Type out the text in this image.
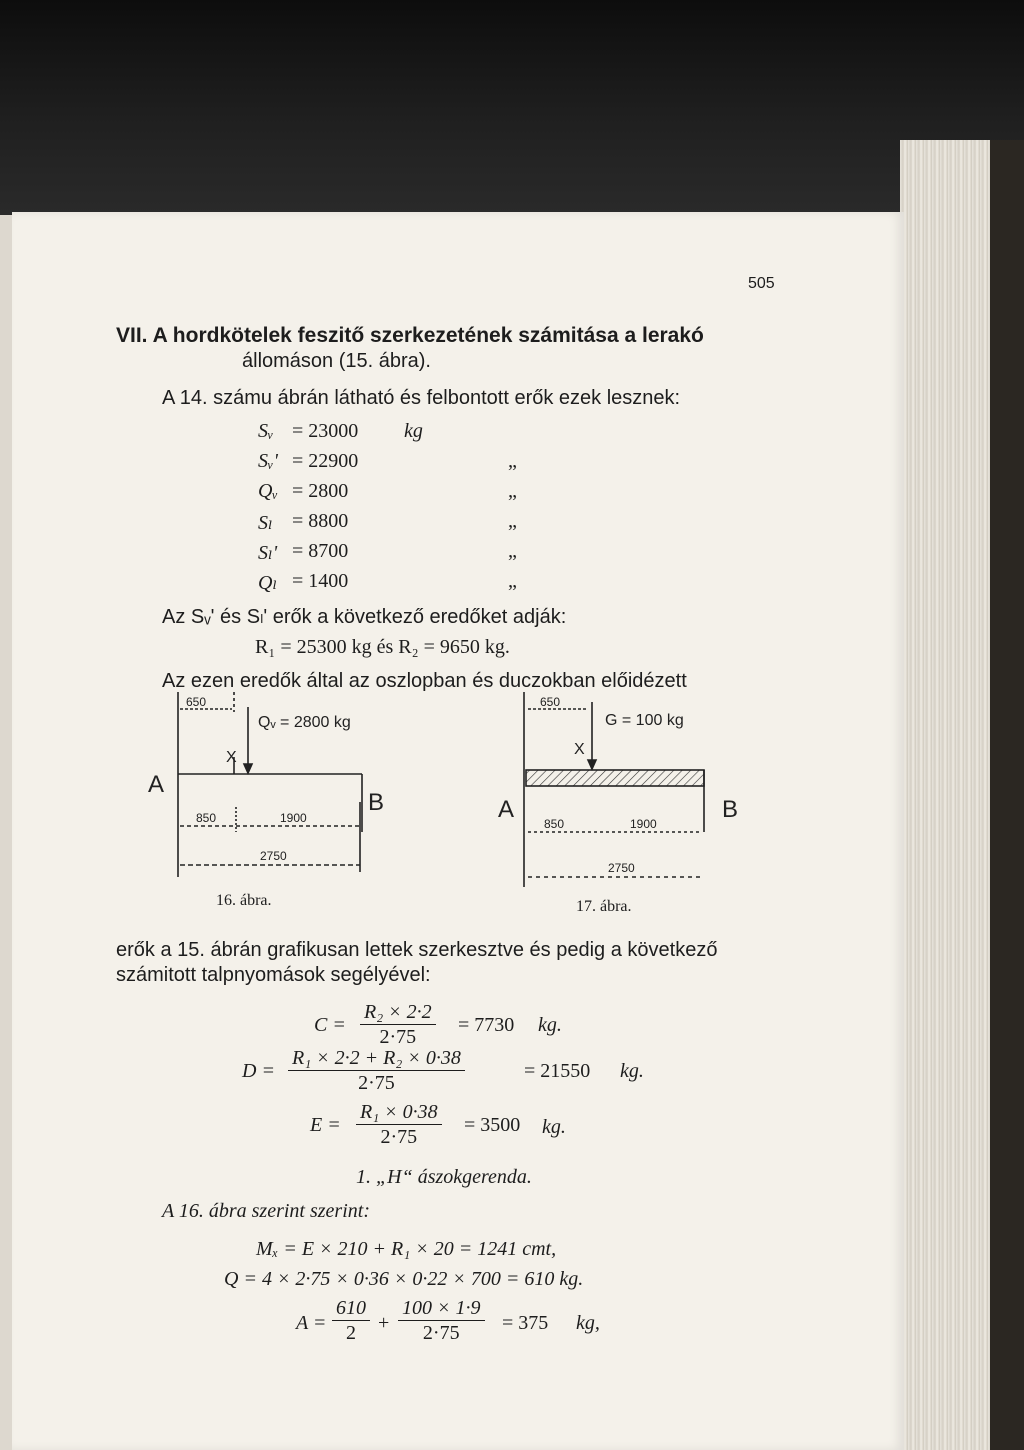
505
VII. A hordkötelek feszitő szerkezetének számitása a lerakó
állomáson (15. ábra).
A 14. számu ábrán látható és felbontott erők ezek lesznek:
Sᵥ = 23000 kg
Sᵥ' = 22900	„
Qᵥ = 2800	„
Sₗ = 8800	„
Sₗ' = 8700	„
Qₗ = 1400	„
Az Sᵥ' és Sₗ' erők a következő eredőket adják:
R₁ = 25300 kg és R₂ = 9650 kg.
Az ezen eredők által az oszlopban és duczokban előidézett
A
B
650
Qᵥ = 2800 kg
X
850	1900
2750
16. ábra.
A	B
650
G = 100 kg
X
850	1900
2750
17. ábra.
erők a 15. ábrán grafikusan lettek szerkesztve és pedig a következő
számitott talpnyomások segélyével:
$C = \frac{\text{R₂ × 2·2}}{2\cdot 75} = 7730$ kg.
$D = \frac{\text{R₁ × 2·2 + R₂ × 0·38}}{2\cdot 75}$	= 21550 kg.
$E = \frac{\text{R₁ × 0·38}}{2\cdot 75} = 3500$ kg.
1. „H“ ászokgerenda.
A 16. ábra szerint szerint:
Mₓ = E × 210 + R₁ × 20 = 1241 cmt,
Q = 4 × 2·75 × 0·36 × 0·22 × 700 = 610 kg.
$A = \frac{610}{2} + \frac{100 \times 1\cdot 9}{2\cdot 75} = 375$ kg,
